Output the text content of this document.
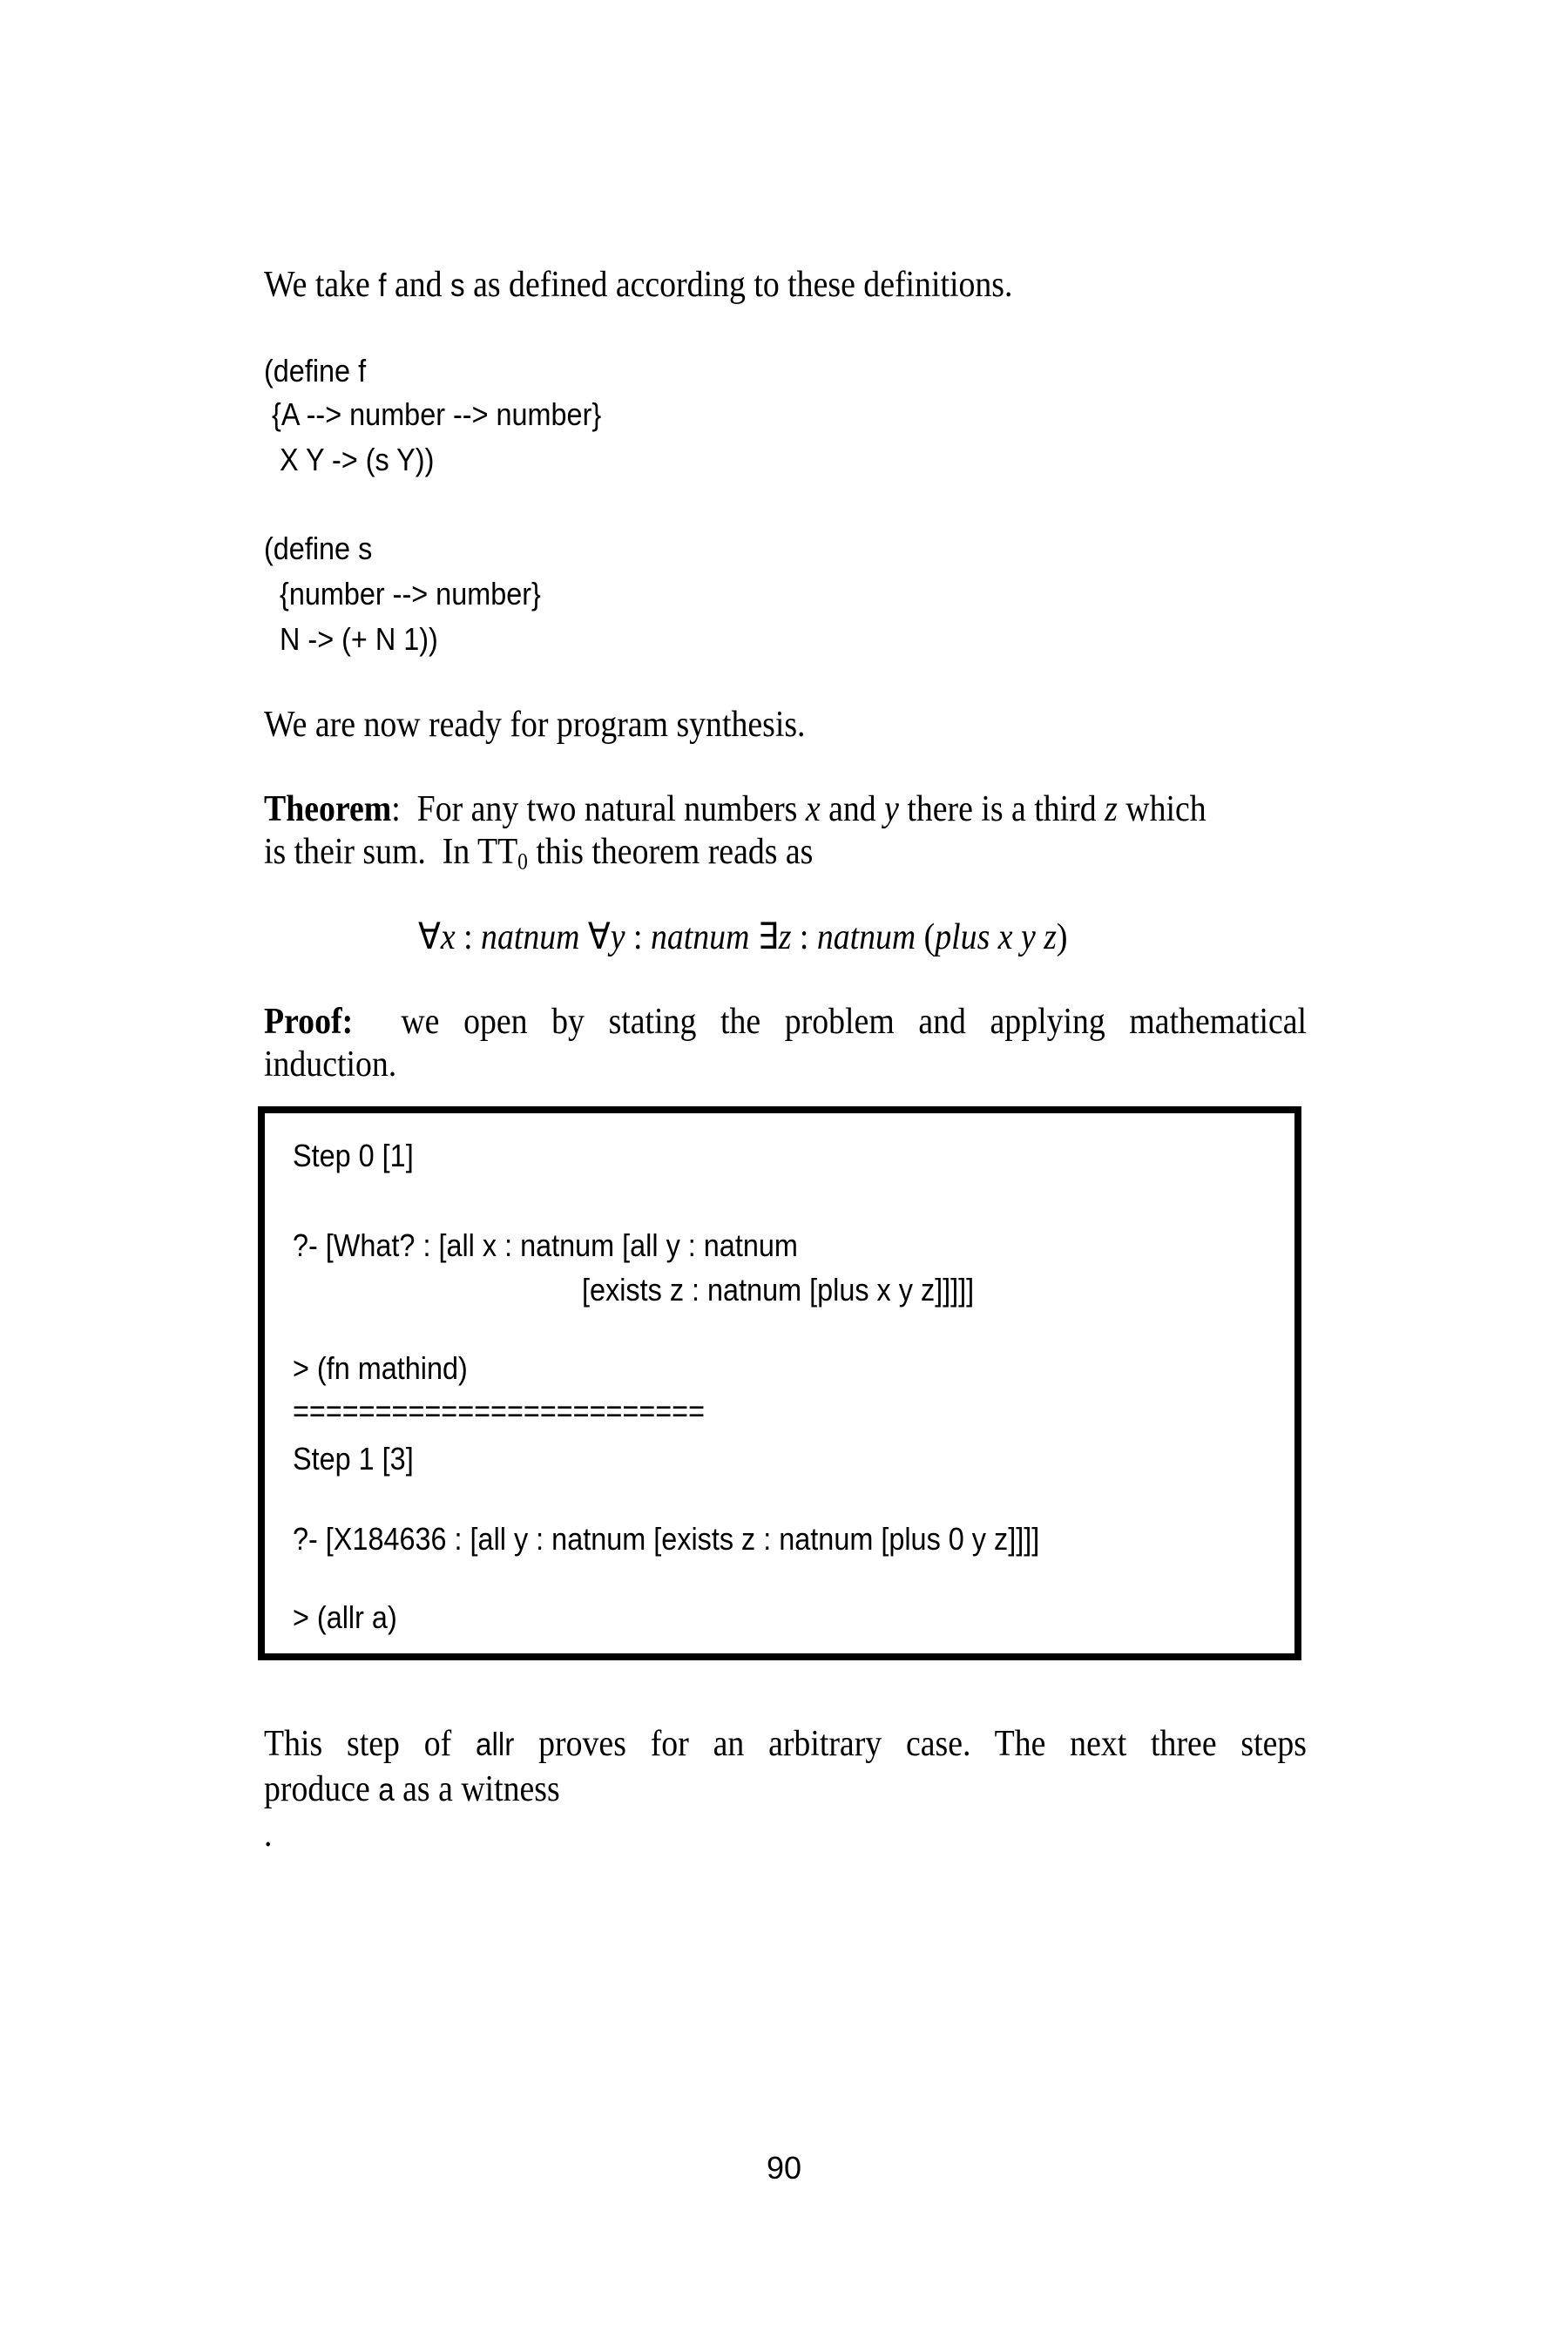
We take f and s as defined according to these definitions.
(define f
{A --> number --> number}
X Y -> (s Y))
(define s
{number --> number}
N -> (+ N 1))
We are now ready for program synthesis.
Theorem: For any two natural numbers x and y there is a third z which
is their sum.  In $TT_0$ this theorem reads as
∀x : natnum ∀y : natnum ∃z : natnum (plus x y z)
Proof: we open by stating the problem and applying mathematical
induction.
Step 0 [1]
?- [What? : [all x : natnum [all y : natnum
[exists z : natnum [plus x y z]]]]]
> (fn mathind)
=========================
Step 1 [3]
?- [X184636 : [all y : natnum [exists z : natnum [plus 0 y z]]]]
> (allr a)
This step of allr proves for an arbitrary case. The next three steps
produce a as a witness
.
90
